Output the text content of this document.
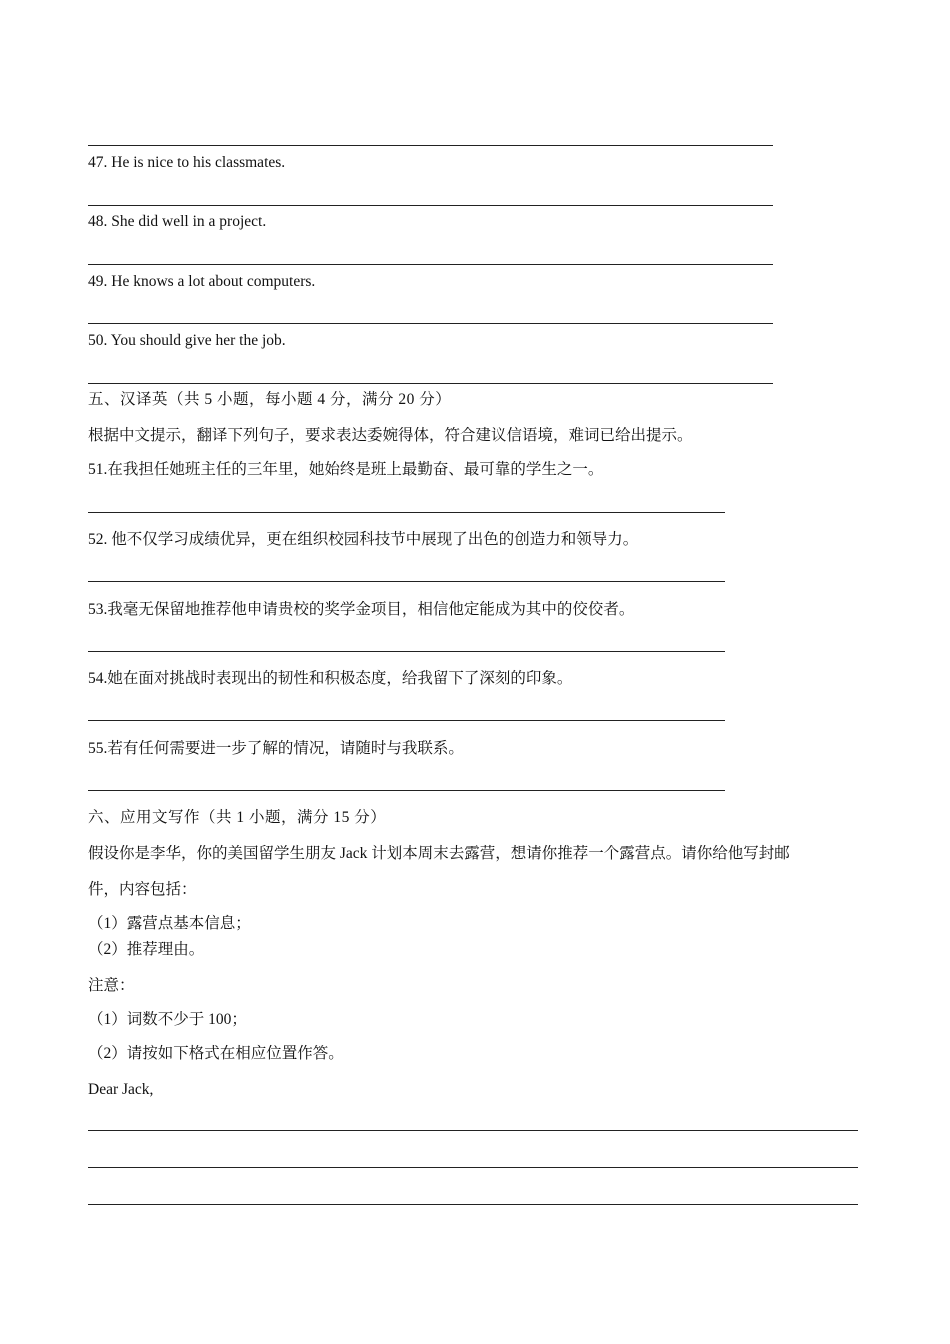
47. He is nice to his classmates.
48. She did well in a project.
49. He knows a lot about computers.
50. You should give her the job.
五、汉译英（共 5 小题，每小题 4 分，满分 20 分）
根据中文提示，翻译下列句子，要求表达委婉得体，符合建议信语境，难词已给出提示。
51.在我担任她班主任的三年里，她始终是班上最勤奋、最可靠的学生之一。
52. 他不仅学习成绩优异，更在组织校园科技节中展现了出色的创造力和领导力。
53.我毫无保留地推荐他申请贵校的奖学金项目，相信他定能成为其中的佼佼者。
54.她在面对挑战时表现出的韧性和积极态度，给我留下了深刻的印象。
55.若有任何需要进一步了解的情况，请随时与我联系。
六、应用文写作（共 1 小题，满分 15 分）
假设你是李华，你的美国留学生朋友 Jack 计划本周末去露营，想请你推荐一个露营点。请你给他写封邮
件，内容包括：
（1）露营点基本信息；
（2）推荐理由。
注意：
（1）词数不少于 100；
（2）请按如下格式在相应位置作答。
Dear Jack,
